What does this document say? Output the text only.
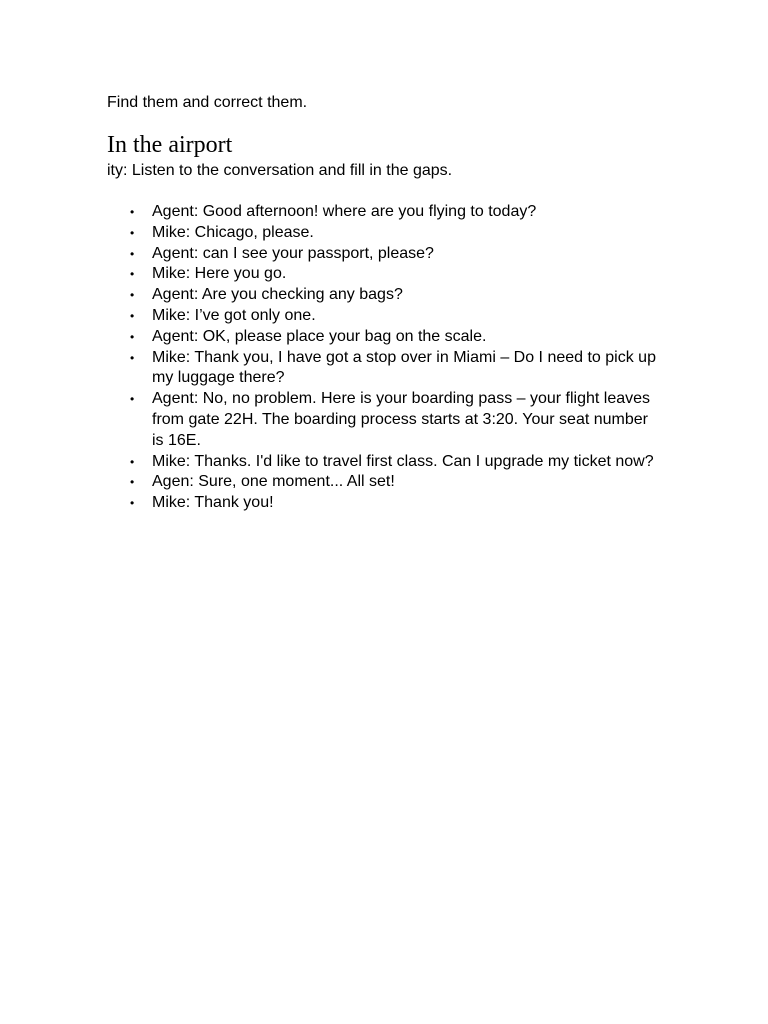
Find them and correct them.

In the airport

ity: Listen to the conversation and fill in the gaps.

•	Agent: Good afternoon! where are you flying to today?
•	Mike: Chicago, please.
•	Agent: can I see your passport, please?
•	Mike: Here you go.
•	Agent: Are you checking any bags?
•	Mike: I’ve got only one.
•	Agent: OK, please place your bag on the scale.
•	Mike: Thank you, I have got a stop over in Miami – Do I need to pick up my luggage there?
•	Agent: No, no problem. Here is your boarding pass – your flight leaves from gate 22H. The boarding process starts at 3:20. Your seat number is 16E.
•	Mike: Thanks. I'd like to travel first class. Can I upgrade my ticket now?
•	Agen: Sure, one moment... All set!
•	Mike: Thank you!
